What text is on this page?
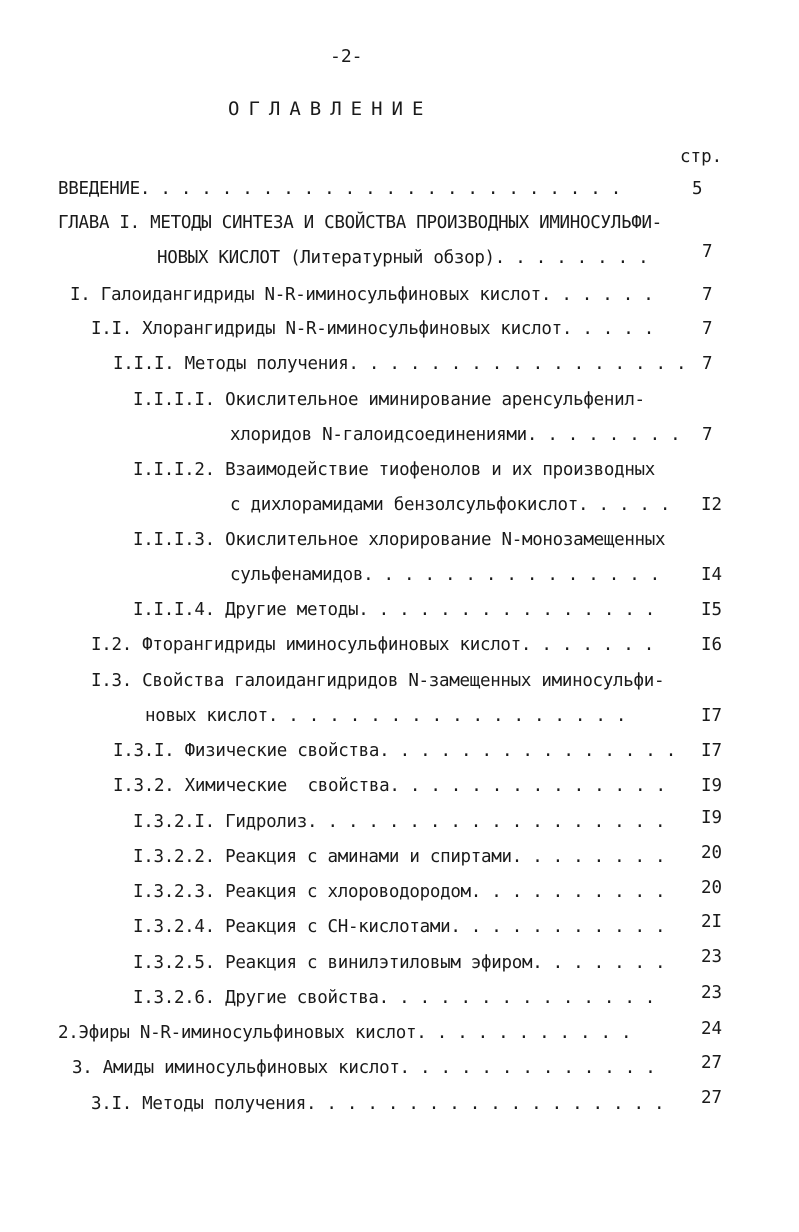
-2-
ОГЛАВЛЕНИЕ
стр.
ВВЕДЕНИЕ. . . . . . . . . . . . . . . . . . . . . . . .	5
ГЛАВА I. МЕТОДЫ СИНТЕЗА И СВОЙСТВА ПРОИЗВОДНЫХ ИМИНОСУЛЬФИ-
НОВЫХ КИСЛОТ (Литературный обзор). . . . . . . .	7
I. Галоидангидриды N-R-иминосульфиновых кислот. . . . . .	7
I.I. Хлорангидриды N-R-иминосульфиновых кислот. . . . .	7
I.I.I. Методы получения. . . . . . . . . . . . . . . . . 7
I.I.I.I. Окислительное иминирование аренсульфенил-
хлоридов N-галоидсоединениями. . . . . . . . 7
I.I.I.2. Взаимодействие тиофенолов и их производных
с дихлорамидами бензолсульфокислот. . . . . I2
I.I.I.3. Окислительное хлорирование N-монозамещенных
сульфенамидов. . . . . . . . . . . . . . . I4
I.I.I.4. Другие методы. . . . . . . . . . . . . . .	I5
I.2. Фторангидриды иминосульфиновых кислот. . . . . . .	I6
I.3. Свойства галоидангидридов N-замещенных иминосульфи-
новых кислот. . . . . . . . . . . . . . . . . .	I7
I.3.I. Физические свойства. . . . . . . . . . . . . . . I7
I.3.2. Химические  свойства. . . . . . . . . . . . . . I9
I.3.2.I. Гидролиз. . . . . . . . . . . . . . . . . . I9
I.3.2.2. Реакция с аминами и спиртами. . . . . . . . 20
I.3.2.3. Реакция с хлороводородом. . . . . . . . . . 20
I.3.2.4. Реакция с CH-кислотами. . . . . . . . . . . 2I
I.3.2.5. Реакция с винилэтиловым эфиром. . . . . . . 23
I.3.2.6. Другие свойства. . . . . . . . . . . . . .	23
2.Эфиры N-R-иминосульфиновых кислот. . . . . . . . . . .	24
3. Амиды иминосульфиновых кислот. . . . . . . . . . . . .	27
3.I. Методы получения. . . . . . . . . . . . . . . . . . 27
